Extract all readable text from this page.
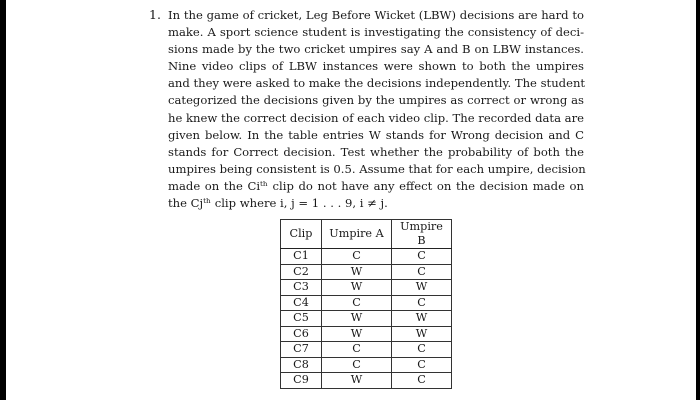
1. In the game of cricket, Leg Before Wicket (LBW) decisions are hard to
make. A sport science student is investigating the consistency of deci-
sions made by the two cricket umpires say A and B on LBW instances.
Nine video clips of LBW instances were shown to both the umpires
and they were asked to make the decisions independently. The student
categorized the decisions given by the umpires as correct or wrong as
he knew the correct decision of each video clip. The recorded data are
given below. In the table entries W stands for Wrong decision and C
stands for Correct decision. Test whether the probability of both the
umpires being consistent is 0.5. Assume that for each umpire, decision
made on the Ciᵗʰ clip do not have any effect on the decision made on
the Cjᵗʰ clip where i, j = 1 . . . 9, i ≠ j.

Clip	Umpire A	Umpire B
C1	C	C
C2	W	C
C3	W	W
C4	C	C
C5	W	W
C6	W	W
C7	C	C
C8	C	C
C9	W	C
